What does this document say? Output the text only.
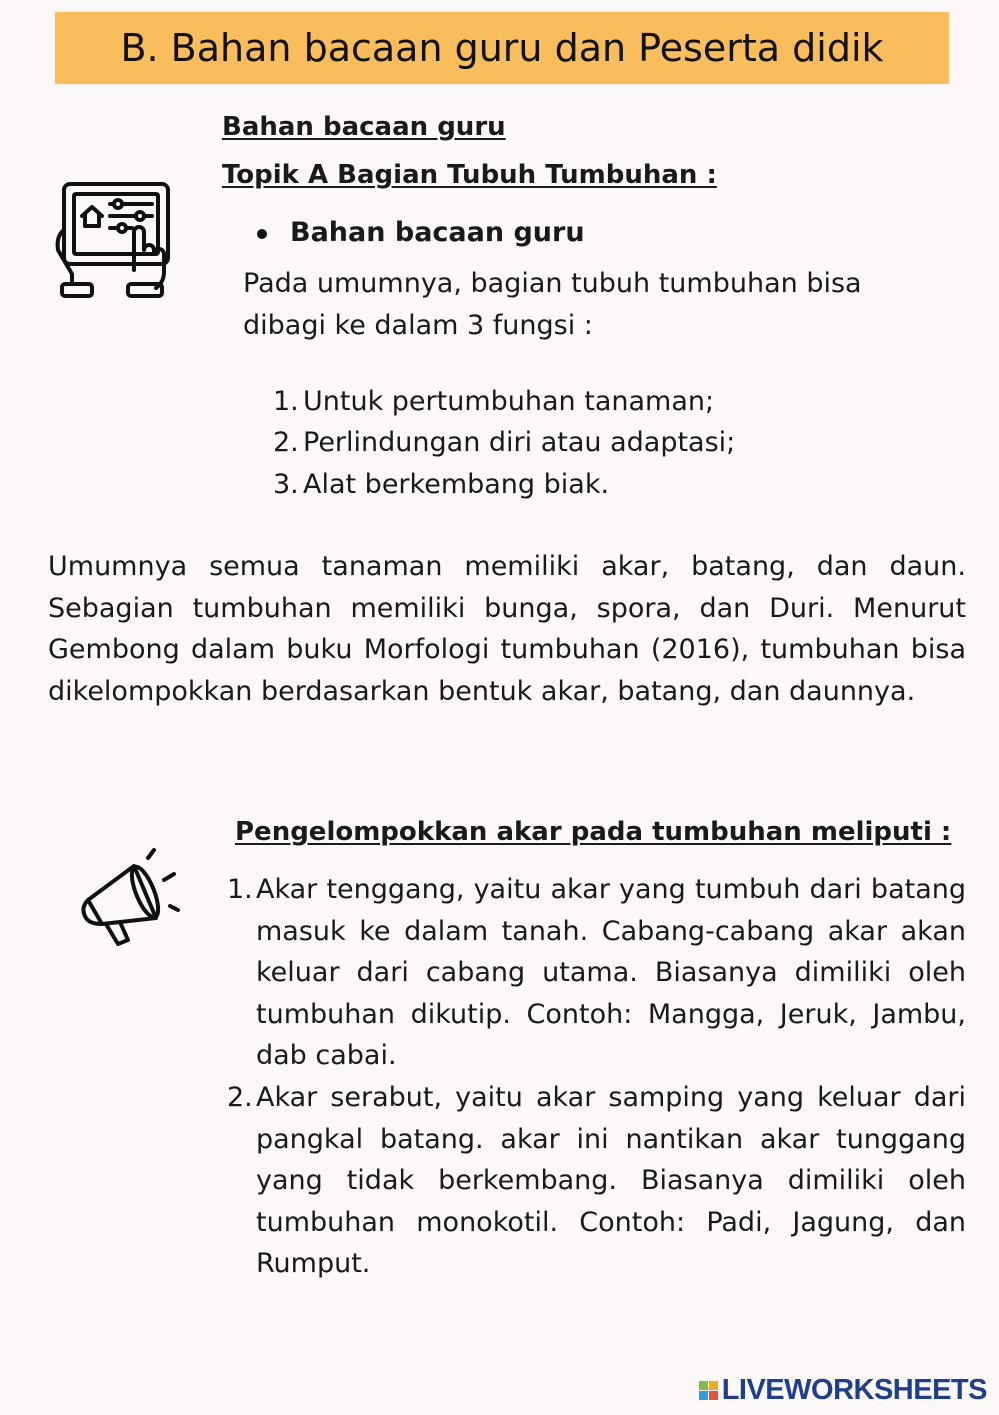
B. Bahan bacaan guru dan Peserta didik
Bahan bacaan guru
Topik A Bagian Tubuh Tumbuhan :
Bahan bacaan guru
Pada umumnya, bagian tubuh tumbuhan bisa
dibagi ke dalam 3 fungsi :
1. Untuk pertumbuhan tanaman;
2. Perlindungan diri atau adaptasi;
3. Alat berkembang biak.
Umumnya semua tanaman memiliki akar, batang, dan daun. Sebagian tumbuhan memiliki bunga, spora, dan Duri. Menurut Gembong dalam buku Morfologi tumbuhan (2016), tumbuhan bisa dikelompokkan berdasarkan bentuk akar, batang, dan daunnya.
Pengelompokkan akar pada tumbuhan meliputi :
1. Akar tenggang, yaitu akar yang tumbuh dari batang masuk ke dalam tanah. Cabang-cabang akar akan keluar dari cabang utama. Biasanya dimiliki oleh tumbuhan dikutip. Contoh: Mangga, Jeruk, Jambu, dab cabai.
2. Akar serabut, yaitu akar samping yang keluar dari pangkal batang. akar ini nantikan akar tunggang yang tidak berkembang. Biasanya dimiliki oleh tumbuhan monokotil. Contoh: Padi, Jagung, dan Rumput.
LIVEWORKSHEETS
